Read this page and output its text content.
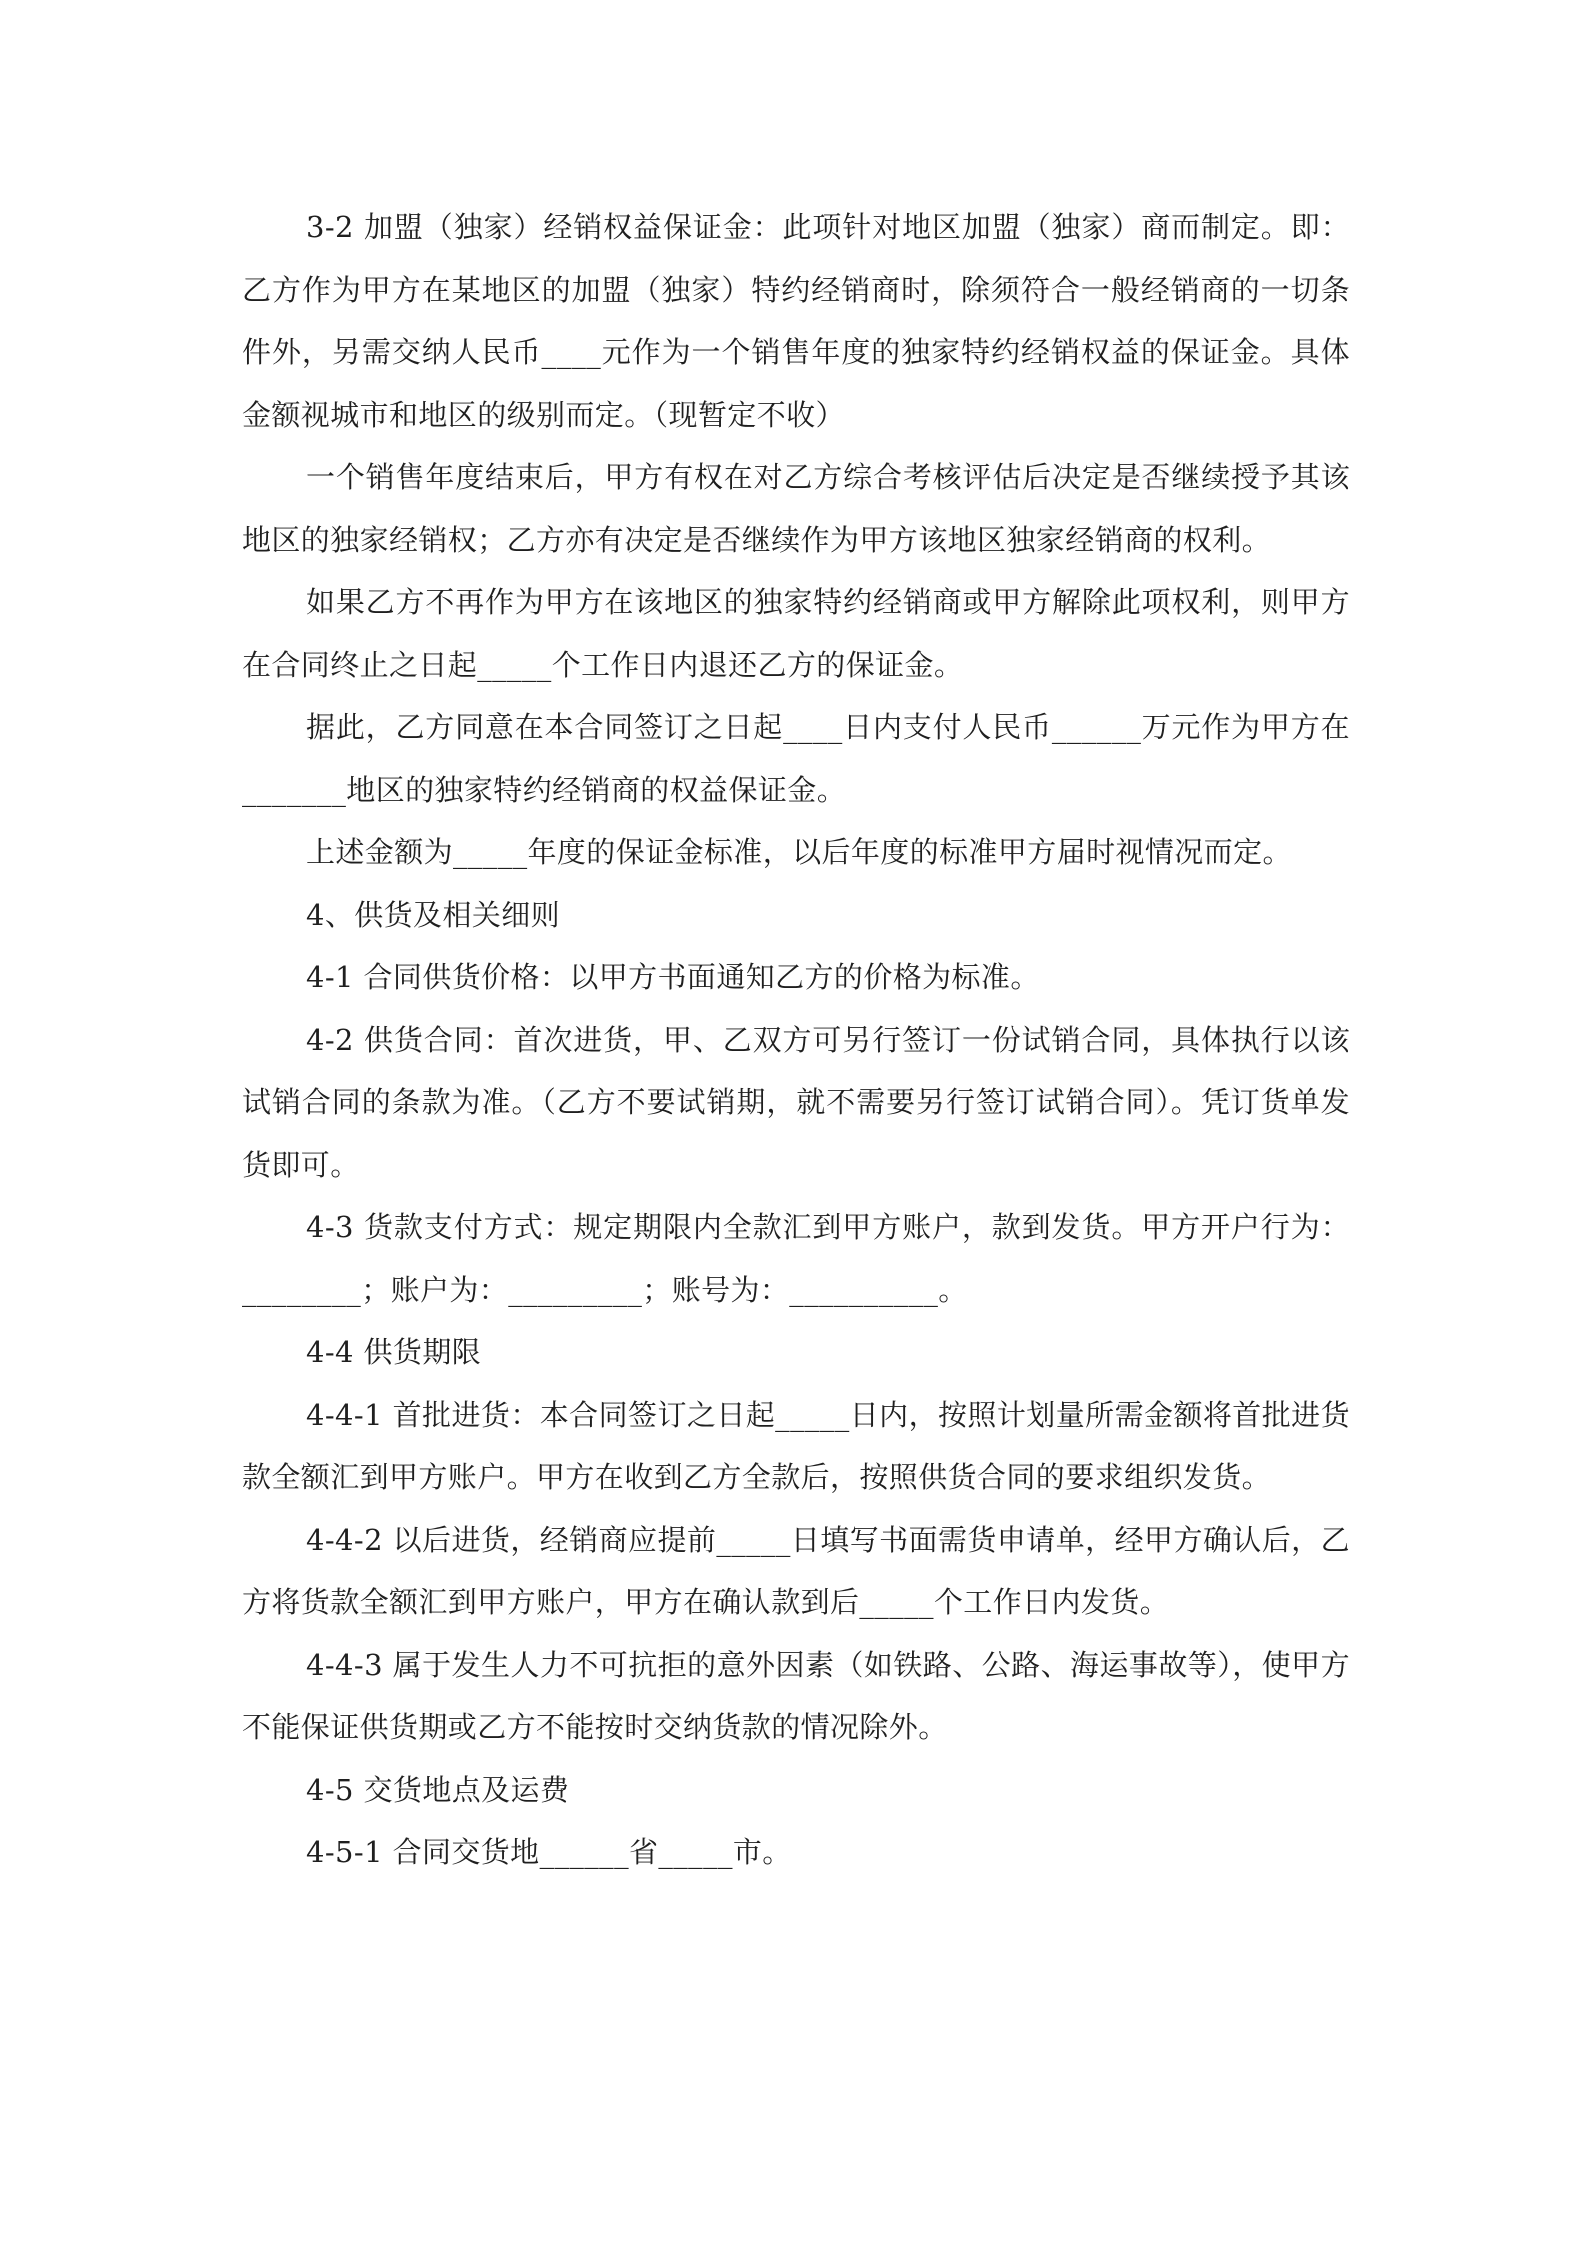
3-2 加盟（独家）经销权益保证金：此项针对地区加盟（独家）商而制定。即：乙方作为甲方在某地区的加盟（独家）特约经销商时，除须符合一般经销商的一切条件外，另需交纳人民币____元作为一个销售年度的独家特约经销权益的保证金。具体金额视城市和地区的级别而定。（现暂定不收）

一个销售年度结束后，甲方有权在对乙方综合考核评估后决定是否继续授予其该地区的独家经销权；乙方亦有决定是否继续作为甲方该地区独家经销商的权利。

如果乙方不再作为甲方在该地区的独家特约经销商或甲方解除此项权利，则甲方在合同终止之日起_____个工作日内退还乙方的保证金。

据此，乙方同意在本合同签订之日起____日内支付人民币______万元作为甲方在_______地区的独家特约经销商的权益保证金。

上述金额为_____年度的保证金标准，以后年度的标准甲方届时视情况而定。

4、供货及相关细则

4-1 合同供货价格：以甲方书面通知乙方的价格为标准。

4-2 供货合同：首次进货，甲、乙双方可另行签订一份试销合同，具体执行以该试销合同的条款为准。（乙方不要试销期，就不需要另行签订试销合同）。凭订货单发货即可。

4-3 货款支付方式：规定期限内全款汇到甲方账户，款到发货。甲方开户行为：________；账户为：_________；账号为：__________。

4-4 供货期限

4-4-1 首批进货：本合同签订之日起_____日内，按照计划量所需金额将首批进货款全额汇到甲方账户。甲方在收到乙方全款后，按照供货合同的要求组织发货。

4-4-2 以后进货，经销商应提前_____日填写书面需货申请单，经甲方确认后，乙方将货款全额汇到甲方账户，甲方在确认款到后_____个工作日内发货。

4-4-3 属于发生人力不可抗拒的意外因素（如铁路、公路、海运事故等），使甲方不能保证供货期或乙方不能按时交纳货款的情况除外。

4-5 交货地点及运费

4-5-1 合同交货地______省_____市。
